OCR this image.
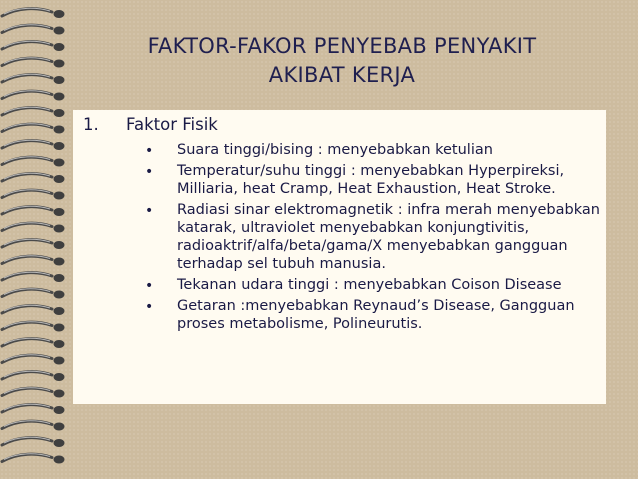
FAKTOR-FAKOR PENYEBAB PENYAKIT
AKIBAT KERJA
1. Faktor Fisik
• Suara tinggi/bising : menyebabkan ketulian
• Temperatur/suhu tinggi : menyebabkan Hyperpireksi, Milliaria, heat Cramp, Heat Exhaustion, Heat Stroke.
• Radiasi sinar elektromagnetik : infra merah menyebabkan katarak, ultraviolet menyebabkan konjungtivitis, radioaktrif/alfa/beta/gama/X menyebabkan gangguan terhadap sel tubuh manusia.
• Tekanan udara tinggi : menyebabkan Coison Disease
• Getaran :menyebabkan Reynaud’s Disease, Gangguan proses metabolisme, Polineurutis.
